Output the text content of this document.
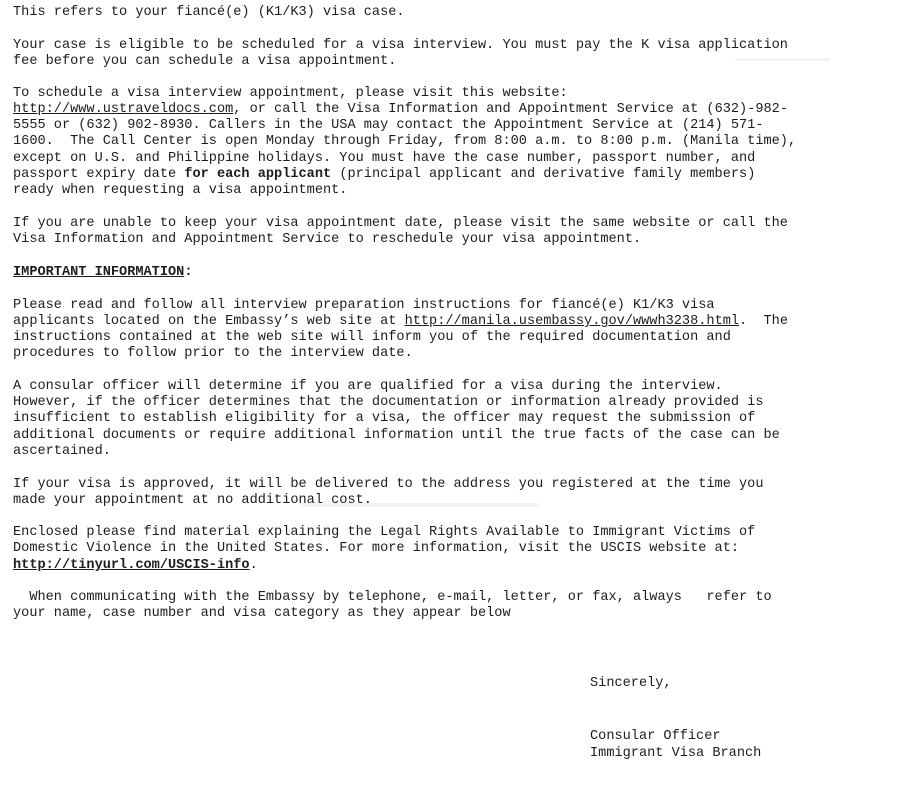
This refers to your fiancé(e) (K1/K3) visa case.
Your case is eligible to be scheduled for a visa interview. You must pay the K visa application
fee before you can schedule a visa appointment.
To schedule a visa interview appointment, please visit this website:
http://www.ustraveldocs.com, or call the Visa Information and Appointment Service at (632)-982-
5555 or (632) 902-8930. Callers in the USA may contact the Appointment Service at (214) 571-
1600.  The Call Center is open Monday through Friday, from 8:00 a.m. to 8:00 p.m. (Manila time),
except on U.S. and Philippine holidays. You must have the case number, passport number, and
passport expiry date for each applicant (principal applicant and derivative family members)
ready when requesting a visa appointment.
If you are unable to keep your visa appointment date, please visit the same website or call the
Visa Information and Appointment Service to reschedule your visa appointment.
IMPORTANT INFORMATION:
Please read and follow all interview preparation instructions for fiancé(e) K1/K3 visa
applicants located on the Embassy’s web site at http://manila.usembassy.gov/wwwh3238.html.  The
instructions contained at the web site will inform you of the required documentation and
procedures to follow prior to the interview date.
A consular officer will determine if you are qualified for a visa during the interview.
However, if the officer determines that the documentation or information already provided is
insufficient to establish eligibility for a visa, the officer may request the submission of
additional documents or require additional information until the true facts of the case can be
ascertained.
If your visa is approved, it will be delivered to the address you registered at the time you
made your appointment at no additional cost.
Enclosed please find material explaining the Legal Rights Available to Immigrant Victims of
Domestic Violence in the United States. For more information, visit the USCIS website at:
http://tinyurl.com/USCIS-info.
When communicating with the Embassy by telephone, e-mail, letter, or fax, always   refer to
your name, case number and visa category as they appear below
Sincerely,
Consular Officer
Immigrant Visa Branch
